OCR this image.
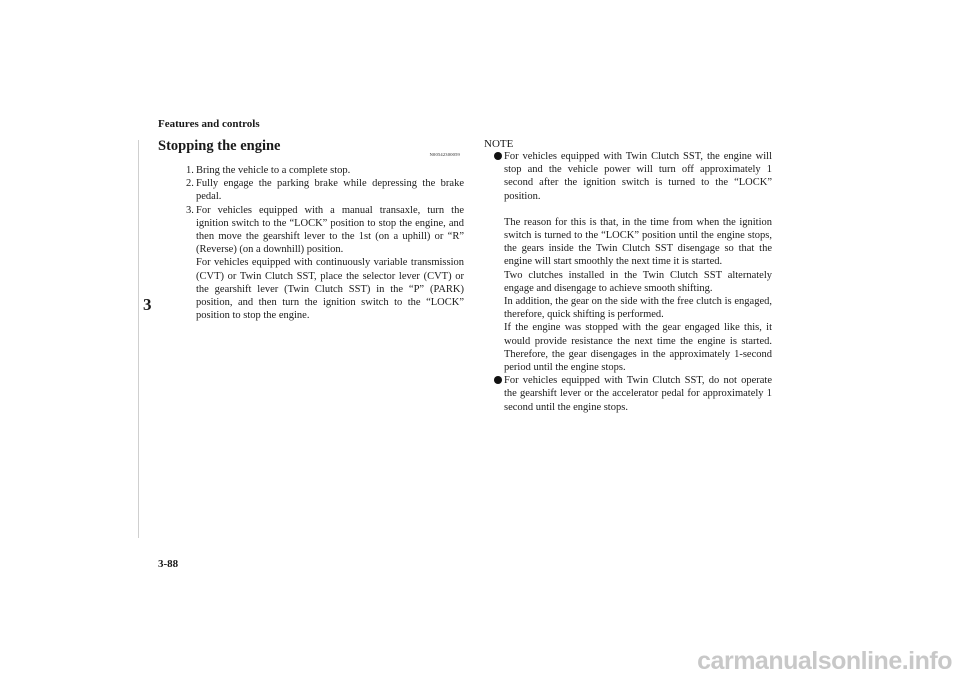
Features and controls
3
Stopping the engine
N00542300059
1. Bring the vehicle to a complete stop.
2. Fully engage the parking brake while depressing the brake pedal.
3. For vehicles equipped with a manual transaxle, turn the ignition switch to the “LOCK” position to stop the engine, and then move the gearshift lever to the 1st (on a uphill) or “R” (Reverse) (on a downhill) position.
For vehicles equipped with continuously variable transmission (CVT) or Twin Clutch SST, place the selector lever (CVT) or the gearshift lever (Twin Clutch SST) in the “P” (PARK) position, and then turn the ignition switch to the “LOCK” position to stop the engine.
NOTE
For vehicles equipped with Twin Clutch SST, the engine will stop and the vehicle power will turn off approximately 1 second after the ignition switch is turned to the “LOCK” position.
The reason for this is that, in the time from when the ignition switch is turned to the “LOCK” position until the engine stops, the gears inside the Twin Clutch SST disengage so that the engine will start smoothly the next time it is started.
Two clutches installed in the Twin Clutch SST alternately engage and disengage to achieve smooth shifting.
In addition, the gear on the side with the free clutch is engaged, therefore, quick shifting is performed.
If the engine was stopped with the gear engaged like this, it would provide resistance the next time the engine is started. Therefore, the gear disengages in the approximately 1-second period until the engine stops.
For vehicles equipped with Twin Clutch SST, do not operate the gearshift lever or the accelerator pedal for approximately 1 second until the engine stops.
3-88
carmanualsonline.info
